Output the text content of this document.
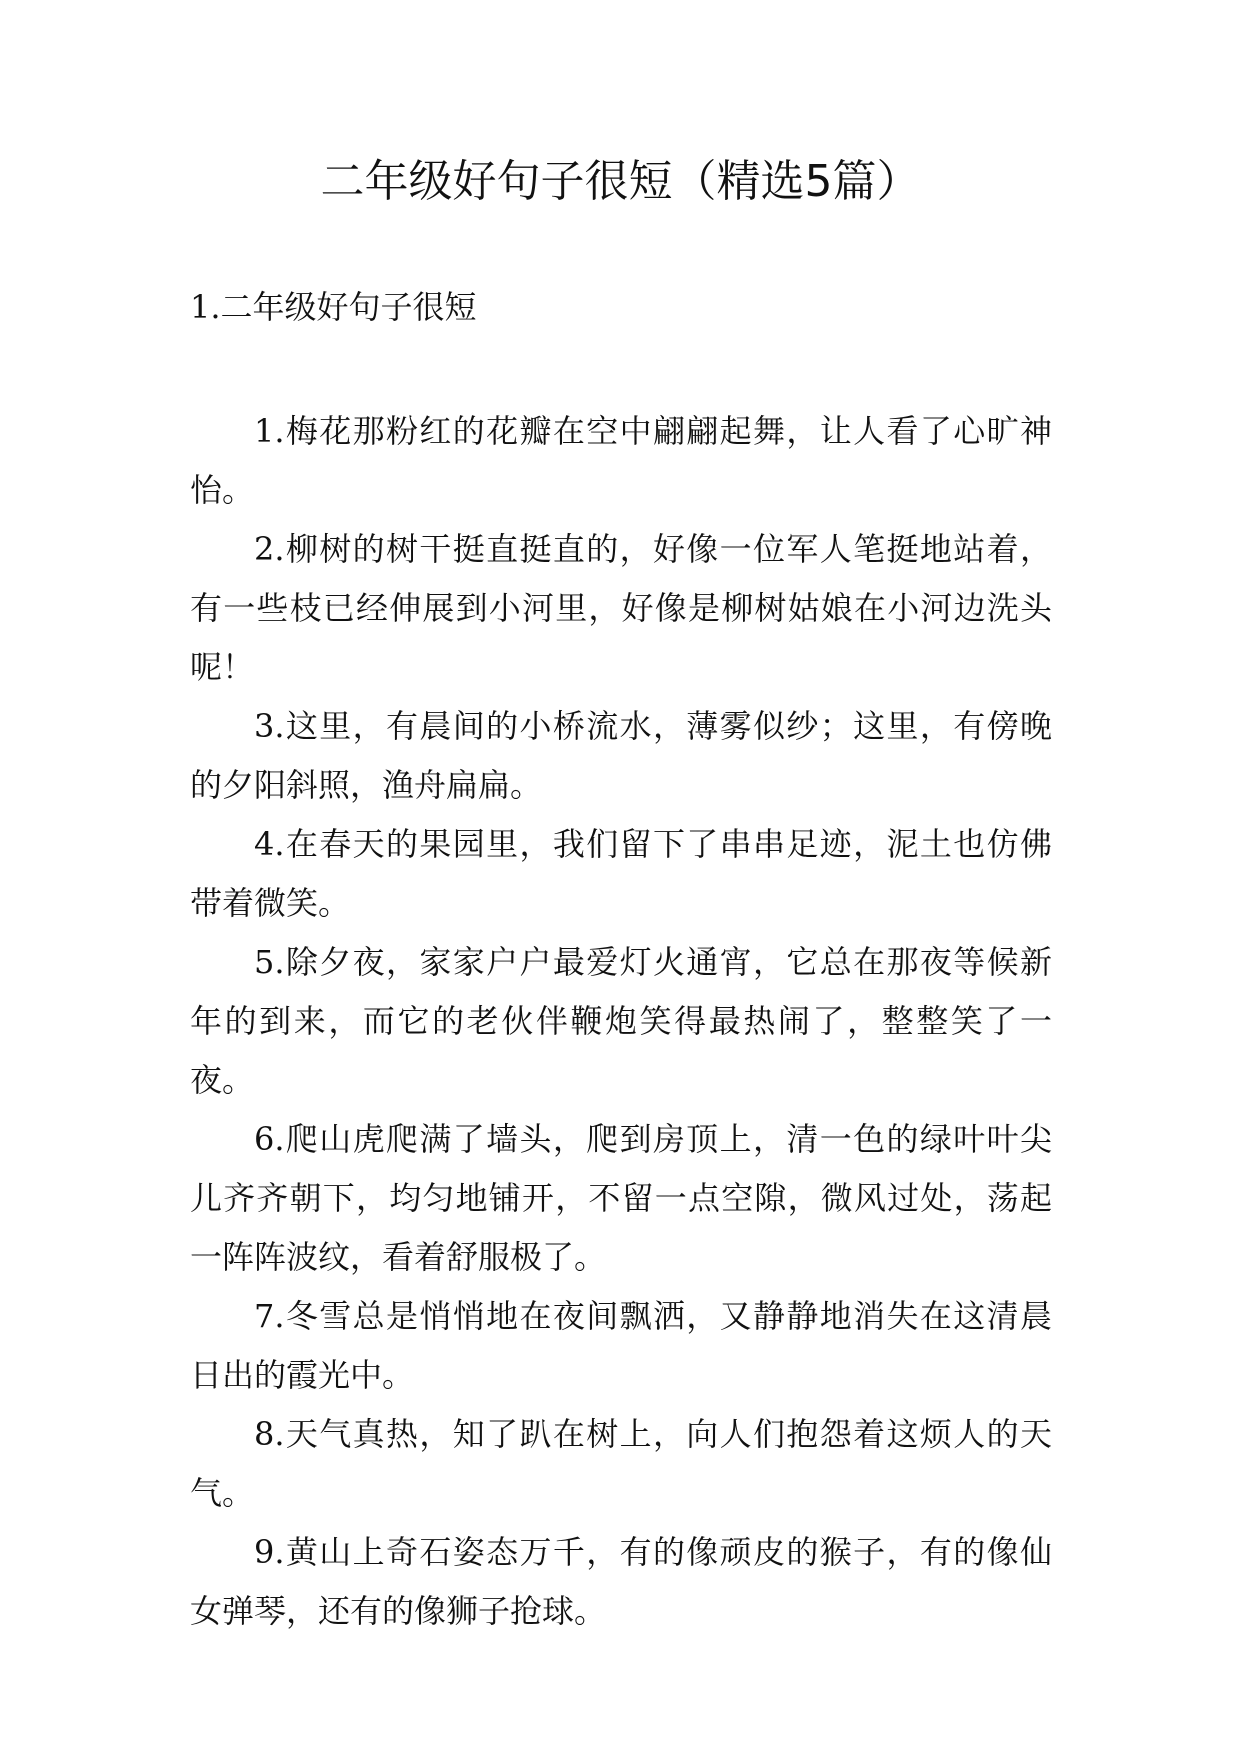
二年级好句子很短（精选5篇）
1.二年级好句子很短

1.梅花那粉红的花瓣在空中翩翩起舞，让人看了心旷神怡。

2.柳树的树干挺直挺直的，好像一位军人笔挺地站着，有一些枝已经伸展到小河里，好像是柳树姑娘在小河边洗头呢！

3.这里，有晨间的小桥流水，薄雾似纱；这里，有傍晚的夕阳斜照，渔舟扁扁。

4.在春天的果园里，我们留下了串串足迹，泥土也仿佛带着微笑。

5.除夕夜，家家户户最爱灯火通宵，它总在那夜等候新年的到来，而它的老伙伴鞭炮笑得最热闹了，整整笑了一夜。

6.爬山虎爬满了墙头，爬到房顶上，清一色的绿叶叶尖儿齐齐朝下，均匀地铺开，不留一点空隙，微风过处，荡起一阵阵波纹，看着舒服极了。

7.冬雪总是悄悄地在夜间飘洒，又静静地消失在这清晨日出的霞光中。

8.天气真热，知了趴在树上，向人们抱怨着这烦人的天气。

9.黄山上奇石姿态万千，有的像顽皮的猴子，有的像仙女弹琴，还有的像狮子抢球。
